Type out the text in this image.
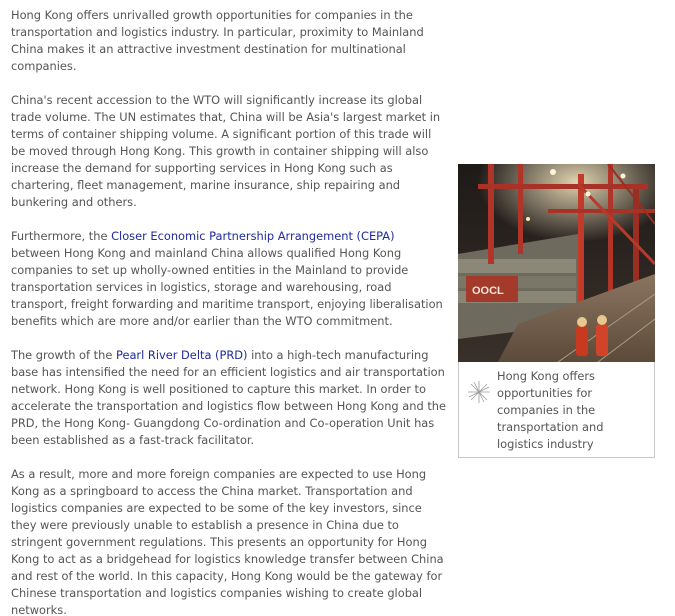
Hong Kong offers unrivalled growth opportunities for companies in the transportation and logistics industry. In particular, proximity to Mainland China makes it an attractive investment destination for multinational companies.

China's recent accession to the WTO will significantly increase its global trade volume. The UN estimates that, China will be Asia's largest market in terms of container shipping volume. A significant portion of this trade will be moved through Hong Kong. This growth in container shipping will also increase the demand for supporting services in Hong Kong such as chartering, fleet management, marine insurance, ship repairing and bunkering and others.

Furthermore, the Closer Economic Partnership Arrangement (CEPA) between Hong Kong and mainland China allows qualified Hong Kong companies to set up wholly-owned entities in the Mainland to provide transportation services in logistics, storage and warehousing, road transport, freight forwarding and maritime transport, enjoying liberalisation benefits which are more and/or earlier than the WTO commitment.

The growth of the Pearl River Delta (PRD) into a high-tech manufacturing base has intensified the need for an efficient logistics and air transportation network. Hong Kong is well positioned to capture this market. In order to accelerate the transportation and logistics flow between Hong Kong and the PRD, the Hong Kong- Guangdong Co-ordination and Co-operation Unit has been established as a fast-track facilitator.

As a result, more and more foreign companies are expected to use Hong Kong as a springboard to access the China market. Transportation and logistics companies are expected to be some of the key investors, since they were previously unable to establish a presence in China due to stringent government regulations. This presents an opportunity for Hong Kong to act as a bridgehead for logistics knowledge transfer between China and rest of the world. In this capacity, Hong Kong would be the gateway for Chinese transportation and logistics companies wishing to create global networks.

OOCL
Hong Kong offers opportunities for companies in the transportation and logistics industry
